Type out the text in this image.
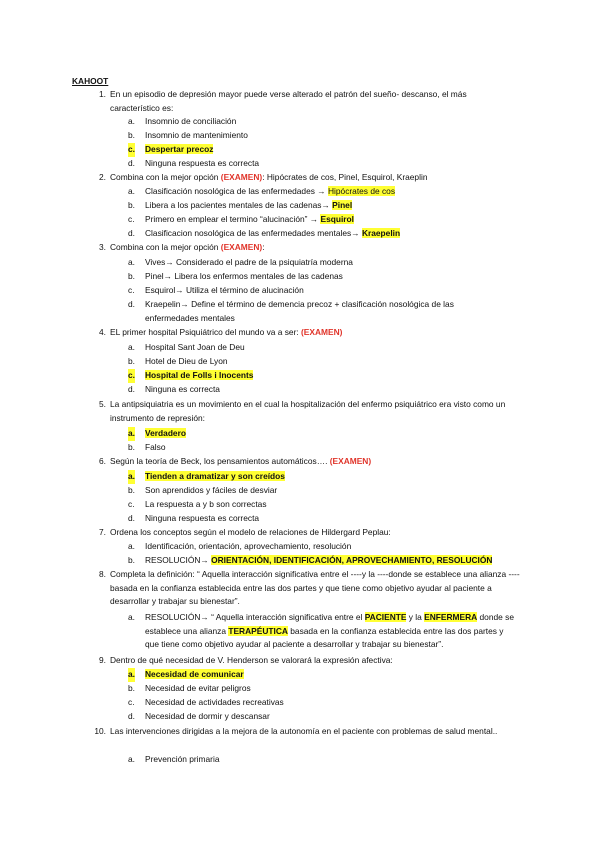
KAHOOT
1. En un episodio de depresión mayor puede verse alterado el patrón del sueño- descanso, el más característico es:
a. Insomnio de conciliación
b. Insomnio de mantenimiento
c. Despertar precoz
d. Ninguna respuesta es correcta
2. Combina con la mejor opción (EXAMEN): Hipócrates de cos, Pinel, Esquirol, Kraeplin
a. Clasificación nosológica de las enfermedades → Hipócrates de cos
b. Libera a los pacientes mentales de las cadenas→ Pinel
c. Primero en emplear el termino “alucinación” → Esquirol
d. Clasificacion nosológica de las enfermedades mentales→ Kraepelin
3. Combina con la mejor opción (EXAMEN):
a. Vives→ Considerado el padre de la psiquiatría moderna
b. Pinel→ Libera los enfermos mentales de las cadenas
c. Esquirol→ Utiliza el término de alucinación
d. Kraepelin→ Define el término de demencia precoz + clasificación nosológica de las enfermedades mentales
4. EL primer hospital Psiquiátrico del mundo va a ser: (EXAMEN)
a. Hospital Sant Joan de Deu
b. Hotel de Dieu de Lyon
c. Hospital de Folls i Inocents
d. Ninguna es correcta
5. La antipsiquiatria es un movimiento en el cual la hospitalización del enfermo psiquiátrico era visto como un instrumento de represión:
a. Verdadero
b. Falso
6. Según la teoría de Beck, los pensamientos automáticos…. (EXAMEN)
a. Tienden a dramatizar y son creídos
b. Son aprendidos y fáciles de desviar
c. La respuesta a y b son correctas
d. Ninguna respuesta es correcta
7. Ordena los conceptos según el modelo de relaciones de Hildergard Peplau:
a. Identificación, orientación, aprovechamiento, resolución
b. RESOLUCIÓN→ ORIENTACIÓN, IDENTIFICACIÓN, APROVECHAMIENTO, RESOLUCIÓN
8. Completa la definición: “ Aquella interacción significativa entre el ----y la ----donde se establece una alianza ----basada en la confianza establecida entre las dos partes y que tiene como objetivo ayudar al paciente a desarrollar y trabajar su bienestar”.
a. RESOLUCIÓN→ “ Aquella interacción significativa entre el PACIENTE y la ENFERMERA donde se establece una alianza TERAPÉUTICA basada en la confianza establecida entre las dos partes y que tiene como objetivo ayudar al paciente a desarrollar y trabajar su bienestar”.
9. Dentro de qué necesidad de V. Henderson se valorará la expresión afectiva:
a. Necesidad de comunicar
b. Necesidad de evitar peligros
c. Necesidad de actividades recreativas
d. Necesidad de dormir y descansar
10. Las intervenciones dirigidas a la mejora de la autonomía en el paciente con problemas de salud mental..
a. Prevención primaria
